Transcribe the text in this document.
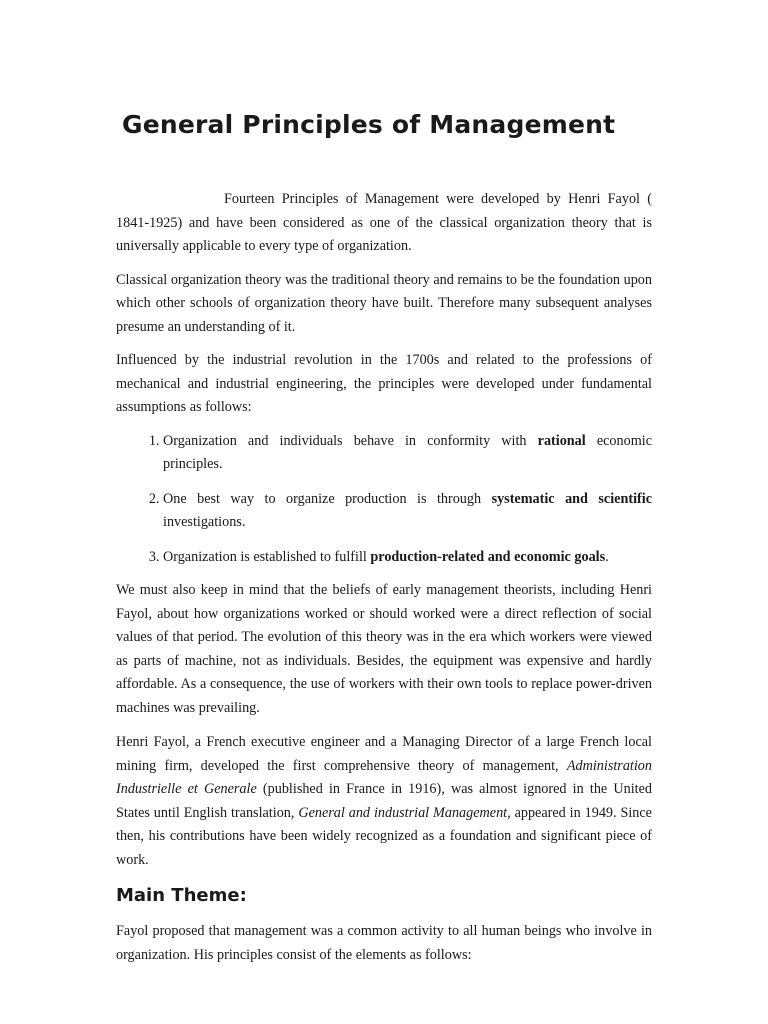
General Principles of Management

Fourteen Principles of Management were developed by Henri Fayol ( 1841-1925) and have been considered as one of the classical organization theory that is universally applicable to every type of organization.

Classical organization theory was the traditional theory and remains to be the foundation upon which other schools of organization theory have built. Therefore many subsequent analyses presume an understanding of it.

Influenced by the industrial revolution in the 1700s and related to the professions of mechanical and industrial engineering, the principles were developed under fundamental assumptions as follows:

1. Organization and individuals behave in conformity with rational economic principles.
2. One best way to organize production is through systematic and scientific investigations.
3. Organization is established to fulfill production-related and economic goals.

We must also keep in mind that the beliefs of early management theorists, including Henri Fayol, about how organizations worked or should worked were a direct reflection of social values of that period. The evolution of this theory was in the era which workers were viewed as parts of machine, not as individuals. Besides, the equipment was expensive and hardly affordable. As a consequence, the use of workers with their own tools to replace power-driven machines was prevailing.

Henri Fayol, a French executive engineer and a Managing Director of a large French local mining firm, developed the first comprehensive theory of management, Administration Industrielle et Generale (published in France in 1916), was almost ignored in the United States until English translation, General and industrial Management, appeared in 1949. Since then, his contributions have been widely recognized as a foundation and significant piece of work.

Main Theme:

Fayol proposed that management was a common activity to all human beings who involve in organization. His principles consist of the elements as follows:
